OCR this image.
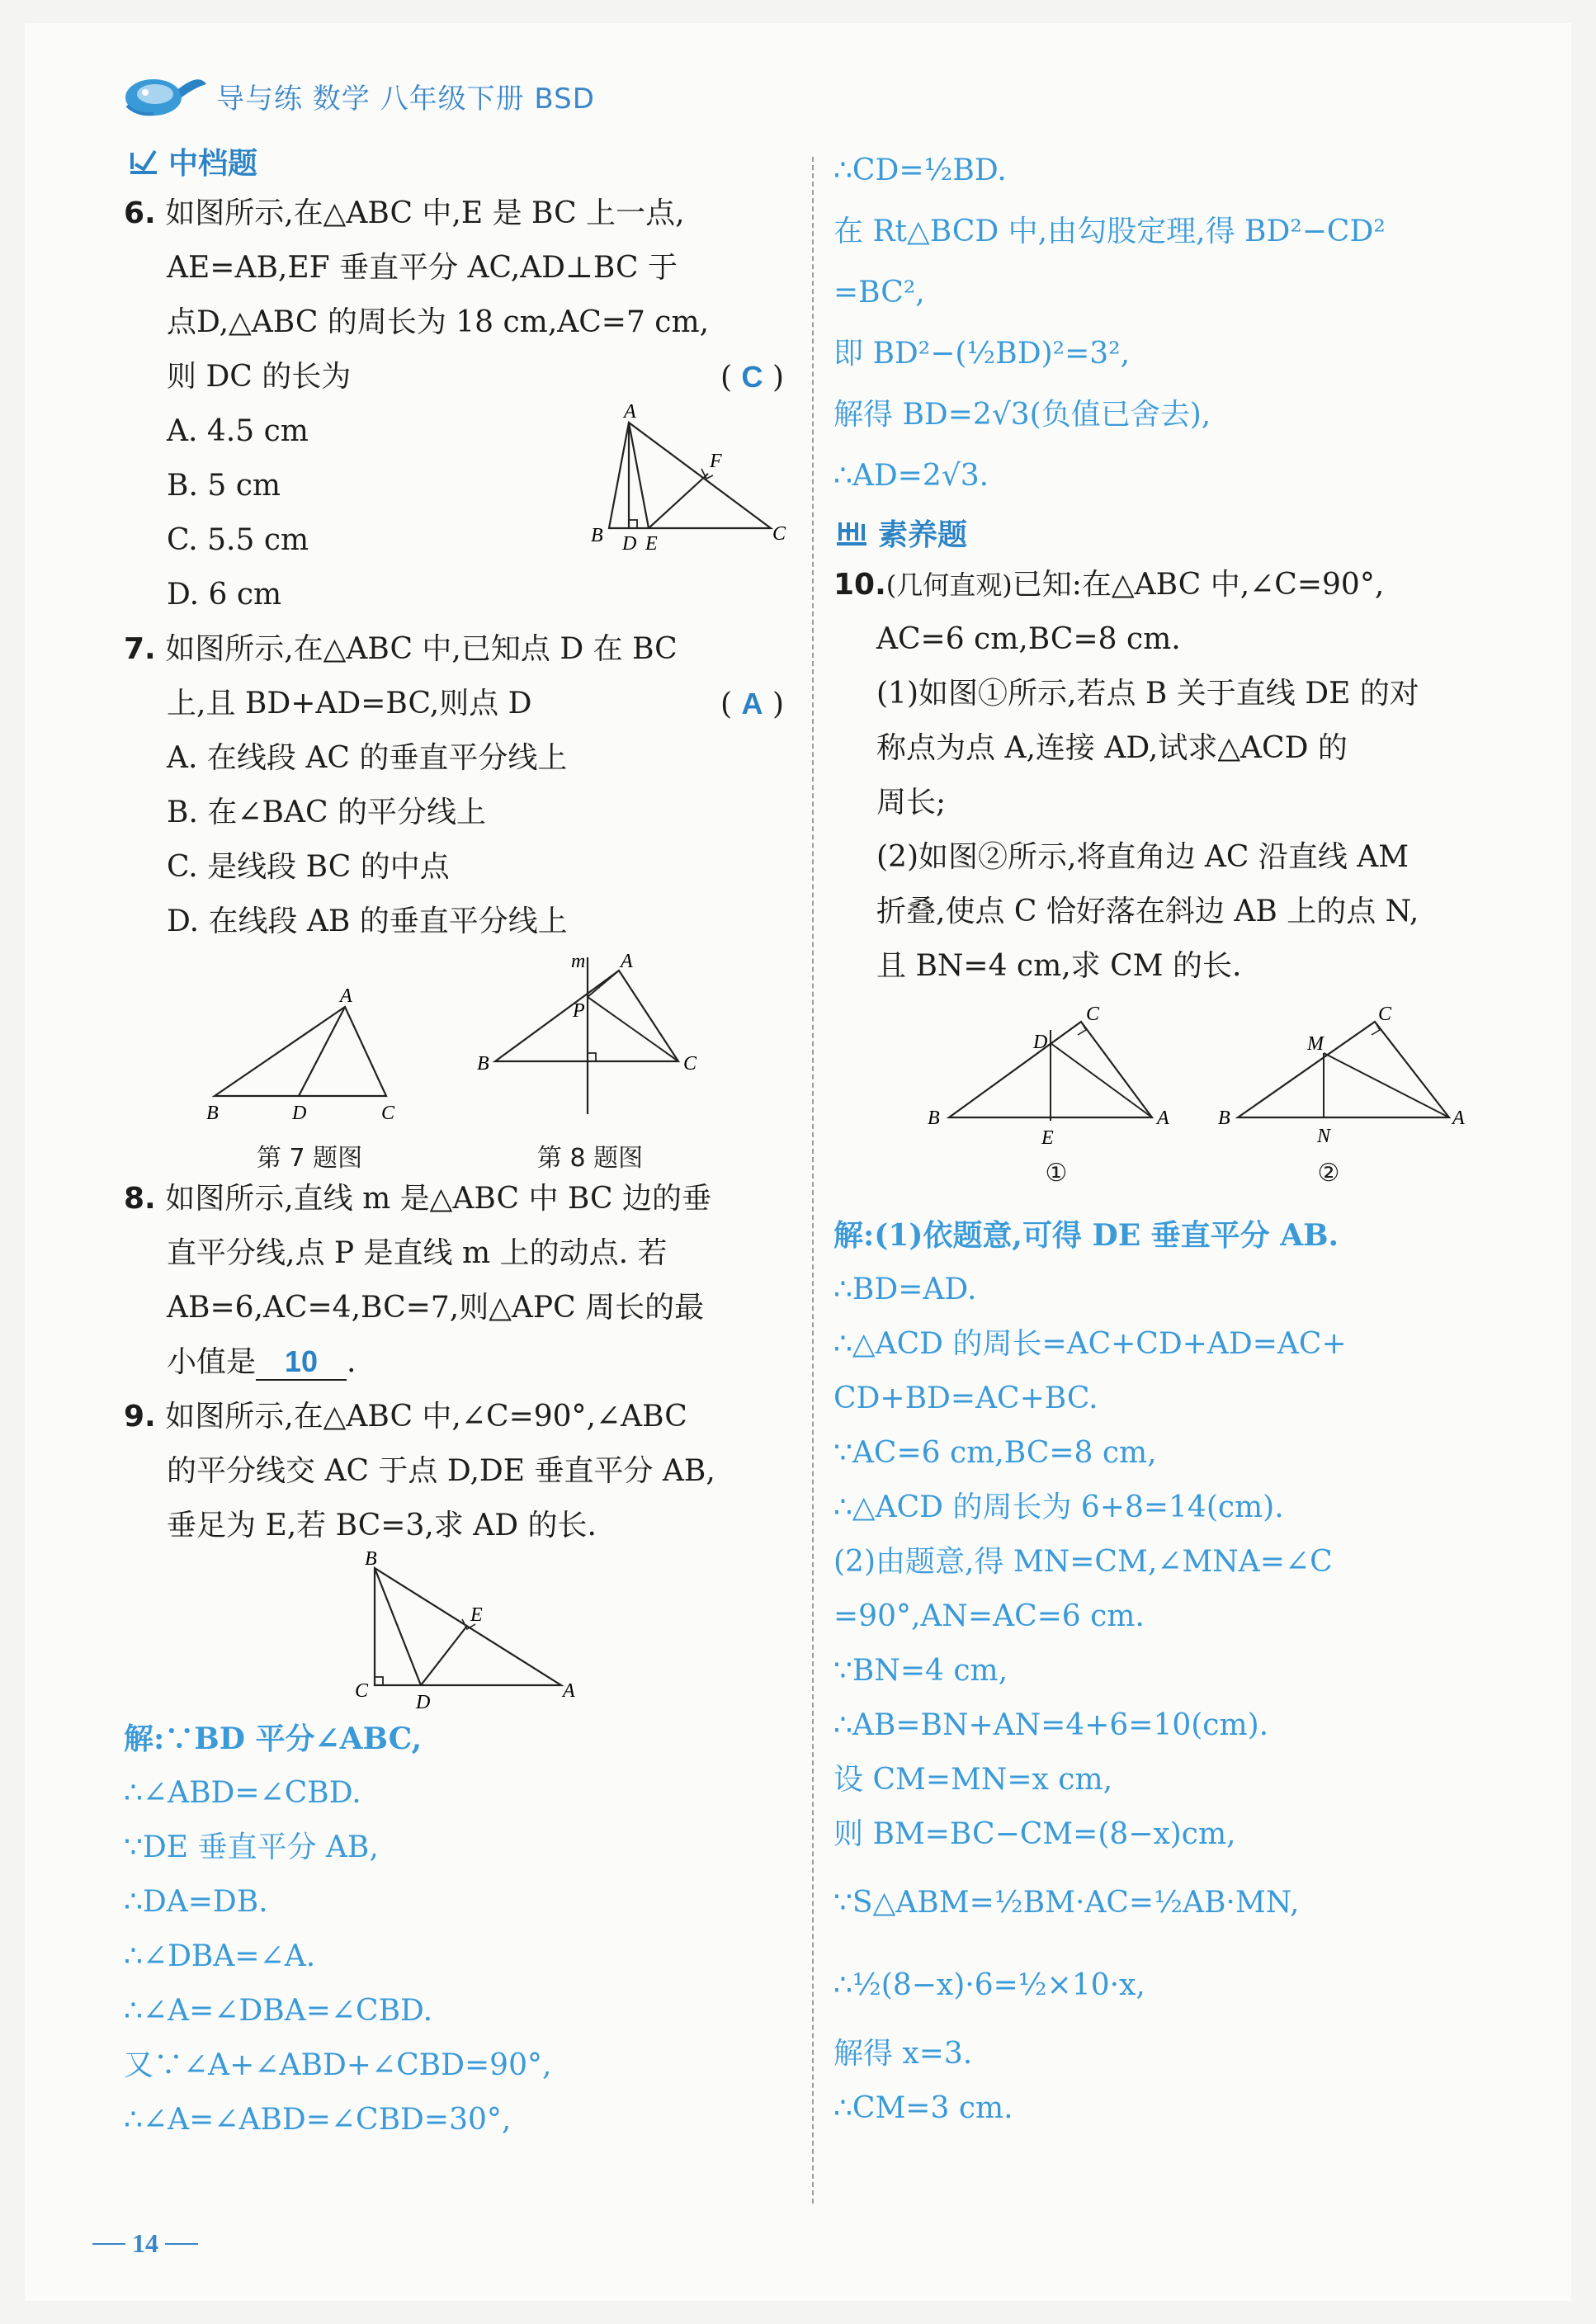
导与练 数学 八年级下册 BSD
中档题
6. 如图所示,在△ABC 中,E 是 BC 上一点,
AE=AB,EF 垂直平分 AC,AD⊥BC 于
点D,△ABC 的周长为 18 cm,AC=7 cm,
则 DC 的长为	( C )
A. 4.5 cm
B. 5 cm
C. 5.5 cm
D. 6 cm
A
B D E
F
C
7. 如图所示,在△ABC 中,已知点 D 在 BC
上,且 BD+AD=BC,则点 D	( A )
A. 在线段 AC 的垂直平分线上
B. 在∠BAC 的平分线上
C. 是线段 BC 的中点
D. 在线段 AB 的垂直平分线上
A
B	D	C
第 7 题图
m A
P
B	C
第 8 题图
8. 如图所示,直线 m 是△ABC 中 BC 边的垂
直平分线,点 P 是直线 m 上的动点. 若
AB=6,AC=4,BC=7,则△APC 周长的最
小值是 10 .
9. 如图所示,在△ABC 中,∠C=90°,∠ABC
的平分线交 AC 于点 D,DE 垂直平分 AB,
垂足为 E,若 BC=3,求 AD 的长.
B
E
C
D
A
解:∵BD 平分∠ABC,
∴∠ABD=∠CBD.
∵DE 垂直平分 AB,
∴DA=DB.
∴∠DBA=∠A.
∴∠A=∠DBA=∠CBD.
又∵∠A+∠ABD+∠CBD=90°,
∴∠A=∠ABD=∠CBD=30°,
∴CD=½BD.
在 Rt△BCD 中,由勾股定理,得 BD²−CD²
=BC²,
即 BD²−(½BD)²=3²,
解得 BD=2√3(负值已舍去),
∴AD=2√3.
素养题
10.(几何直观)已知:在△ABC 中,∠C=90°,
AC=6 cm,BC=8 cm.
(1)如图①所示,若点 B 关于直线 DE 的对
称点为点 A,连接 AD,试求△ACD 的
周长;
(2)如图②所示,将直角边 AC 沿直线 AM
折叠,使点 C 恰好落在斜边 AB 上的点 N,
且 BN=4 cm,求 CM 的长.
C
D
B
E
A
①
C
M
B
N
A
②
解:(1)依题意,可得 DE 垂直平分 AB.
∴BD=AD.
∴△ACD 的周长=AC+CD+AD=AC+
CD+BD=AC+BC.
∵AC=6 cm,BC=8 cm,
∴△ACD 的周长为 6+8=14(cm).
(2)由题意,得 MN=CM,∠MNA=∠C
=90°,AN=AC=6 cm.
∵BN=4 cm,
∴AB=BN+AN=4+6=10(cm).
设 CM=MN=x cm,
则 BM=BC−CM=(8−x)cm,
∵S△ABM=½BM·AC=½AB·MN,
∴½(8−x)·6=½×10·x,
解得 x=3.
∴CM=3 cm.
14
